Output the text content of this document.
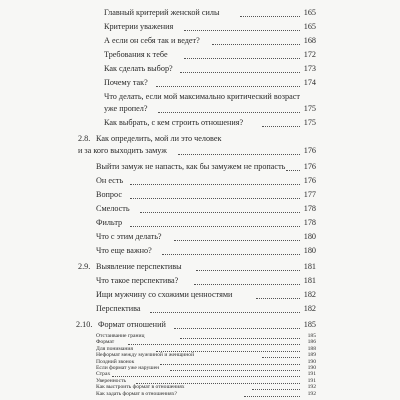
Главный критерий женской силы	165
Критерии уважения	165
А если он себя так и ведет?	168
Требования к тебе	172
Как сделать выбор?	173
Почему так?	174
Что делать, если мой максимально критический возраст
уже пропел?	175
Как выбрать, с кем строить отношения?	175
2.8. Как определить, мой ли это человек
и за кого выходить замуж	176
Выйти замуж не напасть, как бы замужем не пропасть	176
Он есть	176
Вопрос	177
Смелость	178
Фильтр	178
Что с этим делать?	180
Что еще важно?	180
2.9. Выявление перспективы	181
Что такое перспектива?	181
Ищи мужчину со схожими ценностями	182
Перспектива	182
2.10. Формат отношений	185
Отстаивание границ	185
Формат	186
Для понимания	188
Неформат между мужчиной и женщиной	189
Поздний звонок	190
Если формат уже нарушен	190
Страх	191
Уверенность	191
Как выстроить формат в отношениях	192
Как задать формат в отношениях?	192
